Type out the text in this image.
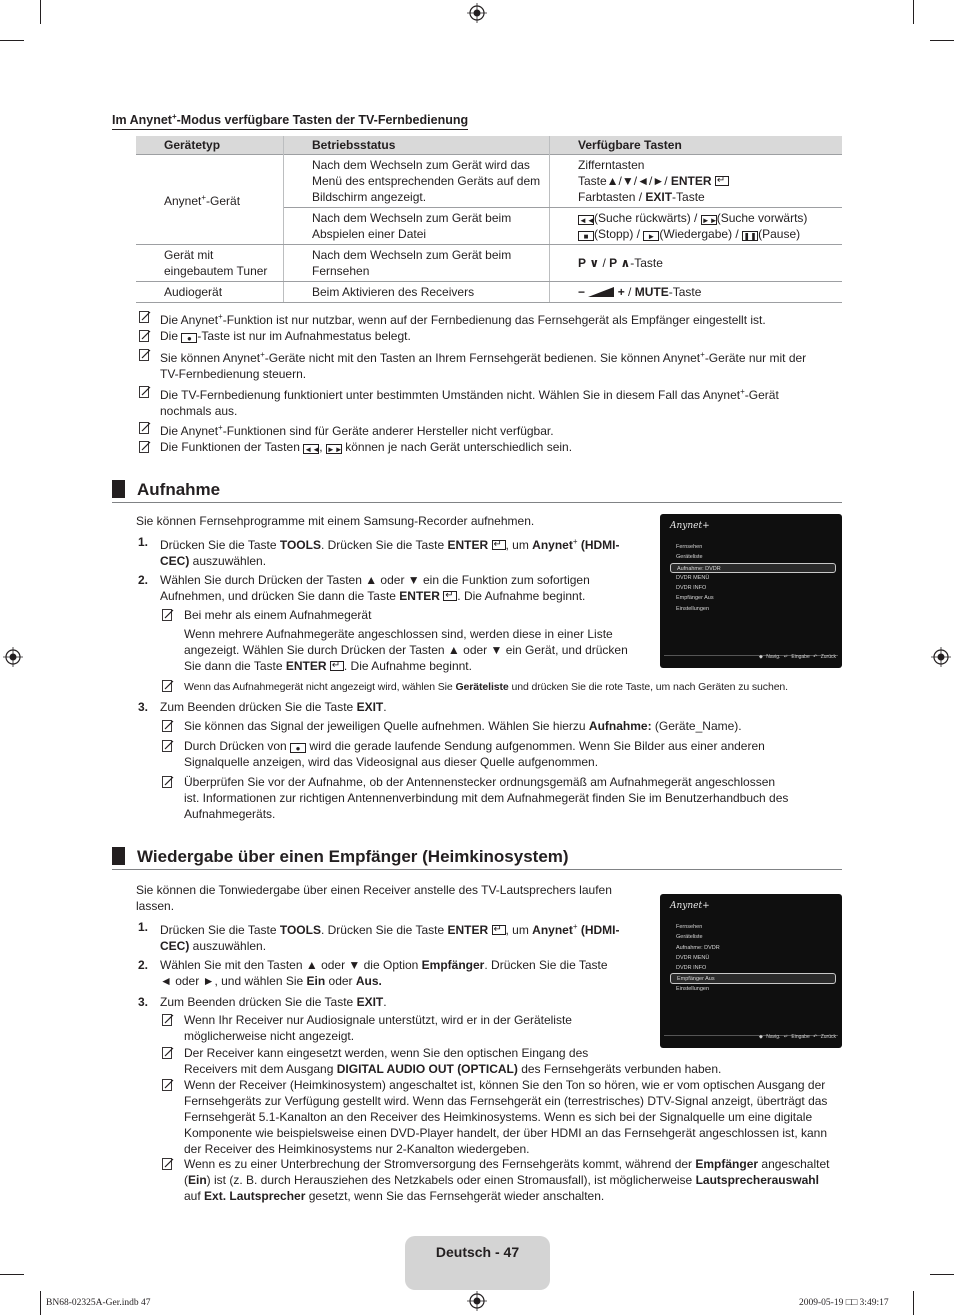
Im Anynet+-Modus verfügbare Tasten der TV-Fernbedienung
Gerätetyp	Betriebsstatus	Verfügbare Tasten
Anynet+-Gerät	Nach dem Wechseln zum Gerät wird das Menü des entsprechenden Geräts auf dem Bildschirm angezeigt.	Zifferntasten
Taste▲/▼/◄/►/ ENTER ↵
Farbtasten / EXIT-Taste

	Nach dem Wechseln zum Gerät beim Abspielen einer Datei	◄◄(Suche rückwärts) / ►►(Suche vorwärts)
■ (Stopp) / ► (Wiedergabe) / ❚❚(Pause)

Gerät mit eingebautem Tuner	Nach dem Wechseln zum Gerät beim Fernsehen	P ∨ / P ∧-Taste
Audiogerät	Beim Aktivieren des Receivers	− + / MUTE-Taste
Die Anynet+-Funktion ist nur nutzbar, wenn auf der Fernbedienung das Fernsehgerät als Empfänger eingestellt ist.
Die ● -Taste ist nur im Aufnahmestatus belegt.
Sie können Anynet+-Geräte nicht mit den Tasten an Ihrem Fernsehgerät bedienen. Sie können Anynet+-Geräte nur mit der
TV-Fernbedienung steuern.
Die TV-Fernbedienung funktioniert unter bestimmten Umständen nicht. Wählen Sie in diesem Fall das Anynet+-Gerät
nochmals aus.
Die Anynet+-Funktionen sind für Geräte anderer Hersteller nicht verfügbar.
Die Funktionen der Tasten ◄◄, ►► können je nach Gerät unterschiedlich sein.
Aufnahme
Sie können Fernsehprogramme mit einem Samsung-Recorder aufnehmen.
1. Drücken Sie die Taste TOOLS. Drücken Sie die Taste ENTER ↵ , um Anynet+ (HDMI-
CEC) auszuwählen.
2. Wählen Sie durch Drücken der Tasten ▲ oder ▼ ein die Funktion zum sofortigen
Aufnehmen, und drücken Sie dann die Taste ENTER ↵ . Die Aufnahme beginnt.
Bei mehr als einem Aufnahmegerät
Wenn mehrere Aufnahmegeräte angeschlossen sind, werden diese in einer Liste
angezeigt. Wählen Sie durch Drücken der Tasten ▲ oder ▼ ein Gerät, und drücken
Sie dann die Taste ENTER ↵ . Die Aufnahme beginnt.
Wenn das Aufnahmegerät nicht angezeigt wird, wählen Sie Geräteliste und drücken Sie die rote Taste, um nach Geräten zu suchen.
3. Zum Beenden drücken Sie die Taste EXIT.
Sie können das Signal der jeweiligen Quelle aufnehmen. Wählen Sie hierzu Aufnahme: (Geräte_Name).
Durch Drücken von ● wird die gerade laufende Sendung aufgenommen. Wenn Sie Bilder aus einer anderen
Signalquelle anzeigen, wird das Videosignal aus dieser Quelle aufgenommen.
Überprüfen Sie vor der Aufnahme, ob der Antennenstecker ordnungsgemäß am Aufnahmegerät angeschlossen
ist. Informationen zur richtigen Antennenverbindung mit dem Aufnahmegerät finden Sie im Benutzerhandbuch des
Aufnahmegeräts.
Anynet+
Fernsehen
Geräteliste
Aufnahme: DVDR
DVDR MENÜ
DVDR INFO
Empfänger Aus
Einstellungen
◆ Navig. ↵ Eingabe ↶ Zurück
Wiedergabe über einen Empfänger (Heimkinosystem)
Sie können die Tonwiedergabe über einen Receiver anstelle des TV-Lautsprechers laufen
lassen.
1. Drücken Sie die Taste TOOLS. Drücken Sie die Taste ENTER ↵ , um Anynet+ (HDMI-
CEC) auszuwählen.
2. Wählen Sie mit den Tasten ▲ oder ▼ die Option Empfänger. Drücken Sie die Taste
◄ oder ►, und wählen Sie Ein oder Aus.
3. Zum Beenden drücken Sie die Taste EXIT.
Wenn Ihr Receiver nur Audiosignale unterstützt, wird er in der Geräteliste
möglicherweise nicht angezeigt.
Der Receiver kann eingesetzt werden, wenn Sie den optischen Eingang des
Receivers mit dem Ausgang DIGITAL AUDIO OUT (OPTICAL) des Fernsehgeräts verbunden haben.
Wenn der Receiver (Heimkinosystem) angeschaltet ist, können Sie den Ton so hören, wie er vom optischen Ausgang der
Fernsehgeräts zur Verfügung gestellt wird. Wenn das Fernsehgerät ein (terrestrisches) DTV-Signal anzeigt, überträgt das
Fernsehgerät 5.1-Kanalton an den Receiver des Heimkinosystems. Wenn es sich bei der Signalquelle um eine digitale
Komponente wie beispielsweise einen DVD-Player handelt, der über HDMI an das Fernsehgerät angeschlossen ist, kann
der Receiver des Heimkinosystems nur 2-Kanalton wiedergeben.
Wenn es zu einer Unterbrechung der Stromversorgung des Fernsehgeräts kommt, während der Empfänger angeschaltet
(Ein) ist (z. B. durch Herausziehen des Netzkabels oder einen Stromausfall), ist möglicherweise Lautsprecherauswahl
auf Ext. Lautsprecher gesetzt, wenn Sie das Fernsehgerät wieder anschalten.
Anynet+
Fernsehen
Geräteliste
Aufnahme: DVDR
DVDR MENÜ
DVDR INFO
Empfänger Aus
Einstellungen
◆ Navig. ↵ Eingabe ↶ Zurück
Deutsch - 47
BN68-02325A-Ger.indb 47	2009-05-19 □□ 3:49:17
